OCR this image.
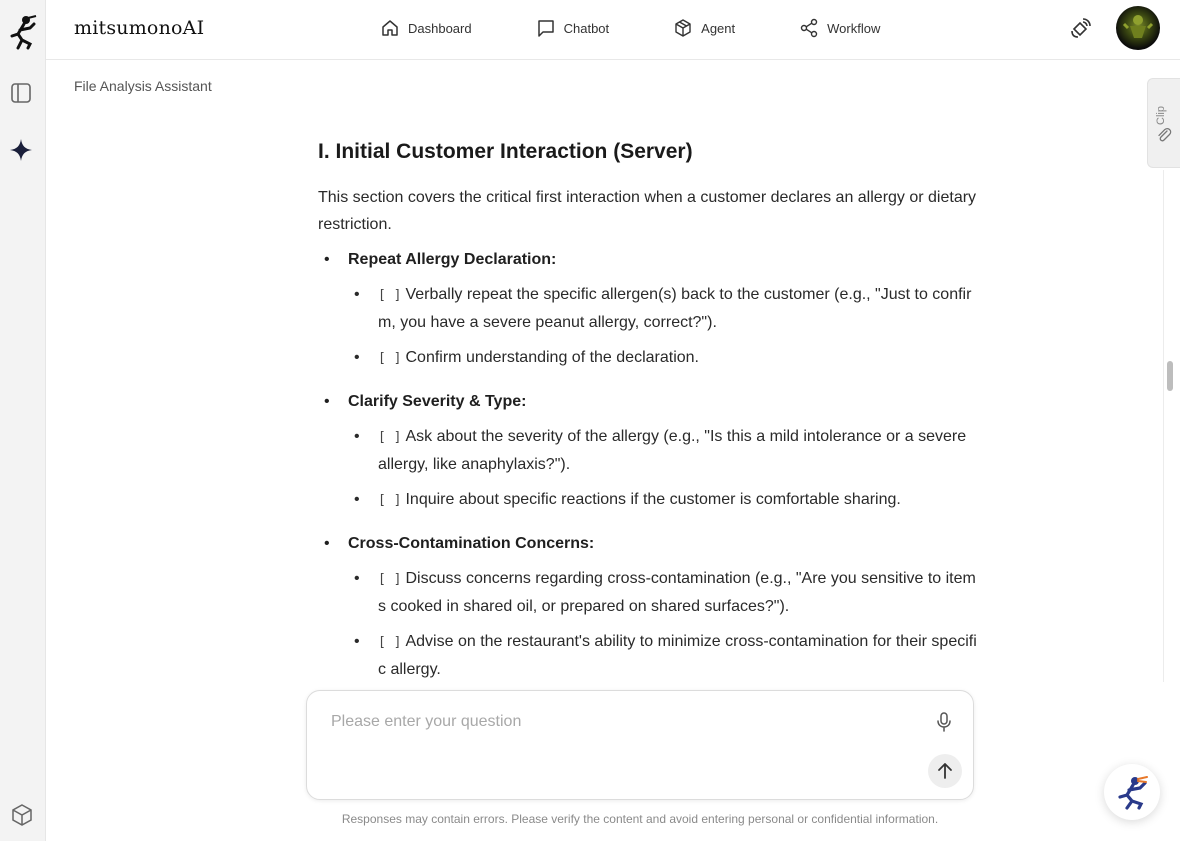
mitsumonoAI	Dashboard	Chatbot	Agent	Workflow
File Analysis Assistant
Clip
I. Initial Customer Interaction (Server)
This section covers the critical first interaction when a customer declares an allergy or dietary restriction.
• Repeat Allergy Declaration:
• [ ] Verbally repeat the specific allergen(s) back to the customer (e.g., "Just to confirm, you have a severe peanut allergy, correct?").
• [ ] Confirm understanding of the declaration.
• Clarify Severity & Type:
• [ ] Ask about the severity of the allergy (e.g., "Is this a mild intolerance or a severe allergy, like anaphylaxis?").
• [ ] Inquire about specific reactions if the customer is comfortable sharing.
• Cross-Contamination Concerns:
• [ ] Discuss concerns regarding cross-contamination (e.g., "Are you sensitive to items cooked in shared oil, or prepared on shared surfaces?").
• [ ] Advise on the restaurant's ability to minimize cross-contamination for their specific allergy.
Please enter your question
Responses may contain errors. Please verify the content and avoid entering personal or confidential information.
